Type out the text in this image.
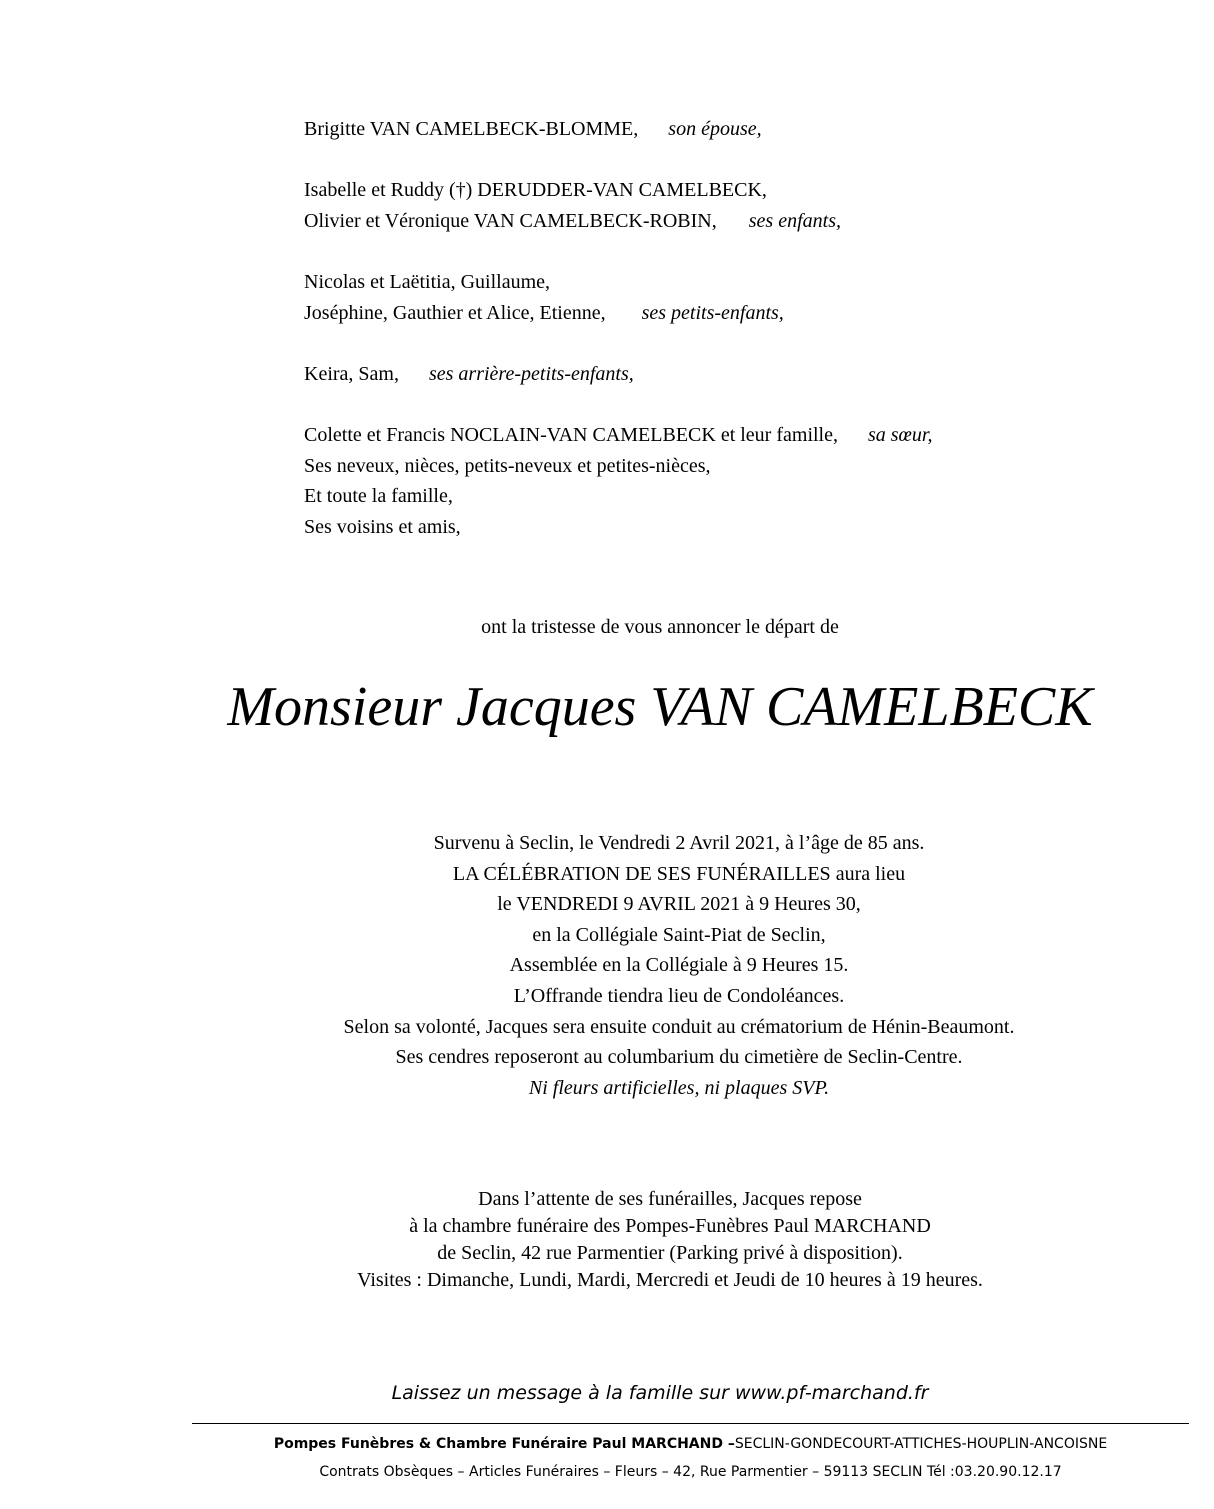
Brigitte VAN CAMELBECK-BLOMME, son épouse,
Isabelle et Ruddy (†) DERUDDER-VAN CAMELBECK,
Olivier et Véronique VAN CAMELBECK-ROBIN, ses enfants,
Nicolas et Laëtitia, Guillaume,
Joséphine, Gauthier et Alice, Etienne, ses petits-enfants,
Keira, Sam, ses arrière-petits-enfants,
Colette et Francis NOCLAIN-VAN CAMELBECK et leur famille, sa sœur,
Ses neveux, nièces, petits-neveux et petites-nièces,
Et toute la famille,
Ses voisins et amis,
ont la tristesse de vous annoncer le départ de
Monsieur Jacques VAN CAMELBECK
Survenu à Seclin, le Vendredi 2 Avril 2021, à l’âge de 85 ans.
LA CÉLÉBRATION DE SES FUNÉRAILLES aura lieu
le VENDREDI 9 AVRIL 2021 à 9 Heures 30,
en la Collégiale Saint-Piat de Seclin,
Assemblée en la Collégiale à 9 Heures 15.
L’Offrande tiendra lieu de Condoléances.
Selon sa volonté, Jacques sera ensuite conduit au crématorium de Hénin-Beaumont.
Ses cendres reposeront au columbarium du cimetière de Seclin-Centre.
Ni fleurs artificielles, ni plaques SVP.
Dans l’attente de ses funérailles, Jacques repose
à la chambre funéraire des Pompes-Funèbres Paul MARCHAND
de Seclin, 42 rue Parmentier (Parking privé à disposition).
Visites : Dimanche, Lundi, Mardi, Mercredi et Jeudi de 10 heures à 19 heures.
Laissez un message à la famille sur www.pf-marchand.fr
Pompes Funèbres & Chambre Funéraire Paul MARCHAND –SECLIN-GONDECOURT-ATTICHES-HOUPLIN-ANCOISNE
Contrats Obsèques – Articles Funéraires – Fleurs – 42, Rue Parmentier – 59113 SECLIN Tél :03.20.90.12.17
